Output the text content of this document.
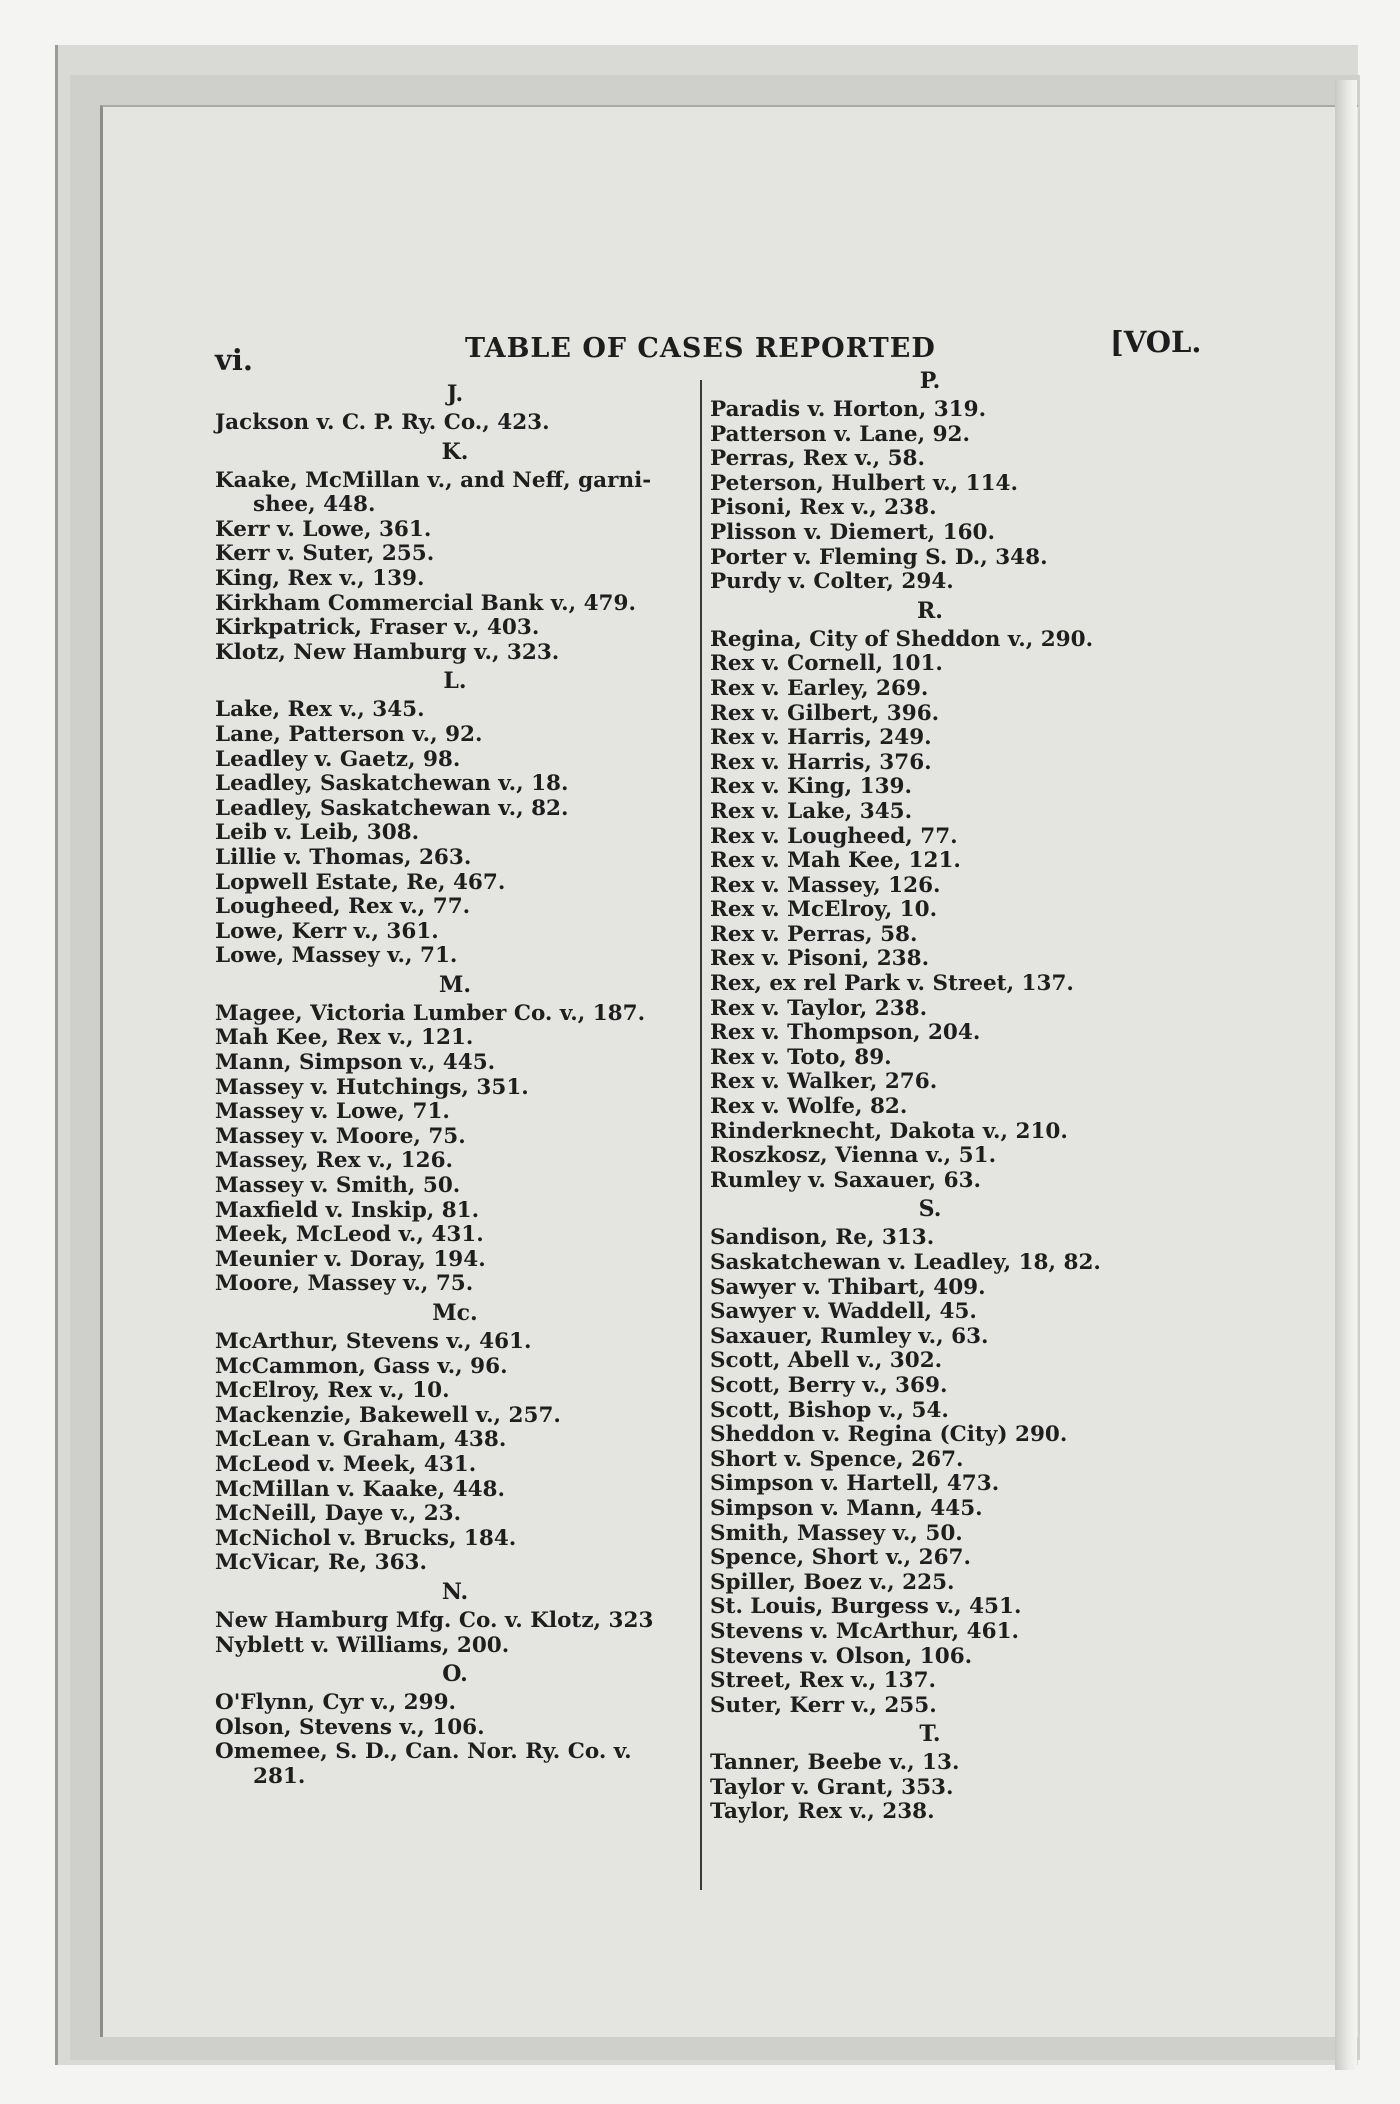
vi.	TABLE OF CASES REPORTED	[VOL.
J.
Jackson v. C. P. Ry. Co., 423.
K.
Kaake, McMillan v., and Neff, garni-
shee, 448.
Kerr v. Lowe, 361.
Kerr v. Suter, 255.
King, Rex v., 139.
Kirkham Commercial Bank v., 479.
Kirkpatrick, Fraser v., 403.
Klotz, New Hamburg v., 323.
L.
Lake, Rex v., 345.
Lane, Patterson v., 92.
Leadley v. Gaetz, 98.
Leadley, Saskatchewan v., 18.
Leadley, Saskatchewan v., 82.
Leib v. Leib, 308.
Lillie v. Thomas, 263.
Lopwell Estate, Re, 467.
Lougheed, Rex v., 77.
Lowe, Kerr v., 361.
Lowe, Massey v., 71.
M.
Magee, Victoria Lumber Co. v., 187.
Mah Kee, Rex v., 121.
Mann, Simpson v., 445.
Massey v. Hutchings, 351.
Massey v. Lowe, 71.
Massey v. Moore, 75.
Massey, Rex v., 126.
Massey v. Smith, 50.
Maxfield v. Inskip, 81.
Meek, McLeod v., 431.
Meunier v. Doray, 194.
Moore, Massey v., 75.
Mc.
McArthur, Stevens v., 461.
McCammon, Gass v., 96.
McElroy, Rex v., 10.
Mackenzie, Bakewell v., 257.
McLean v. Graham, 438.
McLeod v. Meek, 431.
McMillan v. Kaake, 448.
McNeill, Daye v., 23.
McNichol v. Brucks, 184.
McVicar, Re, 363.
N.
New Hamburg Mfg. Co. v. Klotz, 323
Nyblett v. Williams, 200.
O.
O'Flynn, Cyr v., 299.
Olson, Stevens v., 106.
Omemee, S. D., Can. Nor. Ry. Co. v.
281.
P.
Paradis v. Horton, 319.
Patterson v. Lane, 92.
Perras, Rex v., 58.
Peterson, Hulbert v., 114.
Pisoni, Rex v., 238.
Plisson v. Diemert, 160.
Porter v. Fleming S. D., 348.
Purdy v. Colter, 294.
R.
Regina, City of Sheddon v., 290.
Rex v. Cornell, 101.
Rex v. Earley, 269.
Rex v. Gilbert, 396.
Rex v. Harris, 249.
Rex v. Harris, 376.
Rex v. King, 139.
Rex v. Lake, 345.
Rex v. Lougheed, 77.
Rex v. Mah Kee, 121.
Rex v. Massey, 126.
Rex v. McElroy, 10.
Rex v. Perras, 58.
Rex v. Pisoni, 238.
Rex, ex rel Park v. Street, 137.
Rex v. Taylor, 238.
Rex v. Thompson, 204.
Rex v. Toto, 89.
Rex v. Walker, 276.
Rex v. Wolfe, 82.
Rinderknecht, Dakota v., 210.
Roszkosz, Vienna v., 51.
Rumley v. Saxauer, 63.
S.
Sandison, Re, 313.
Saskatchewan v. Leadley, 18, 82.
Sawyer v. Thibart, 409.
Sawyer v. Waddell, 45.
Saxauer, Rumley v., 63.
Scott, Abell v., 302.
Scott, Berry v., 369.
Scott, Bishop v., 54.
Sheddon v. Regina (City) 290.
Short v. Spence, 267.
Simpson v. Hartell, 473.
Simpson v. Mann, 445.
Smith, Massey v., 50.
Spence, Short v., 267.
Spiller, Boez v., 225.
St. Louis, Burgess v., 451.
Stevens v. McArthur, 461.
Stevens v. Olson, 106.
Street, Rex v., 137.
Suter, Kerr v., 255.
T.
Tanner, Beebe v., 13.
Taylor v. Grant, 353.
Taylor, Rex v., 238.
